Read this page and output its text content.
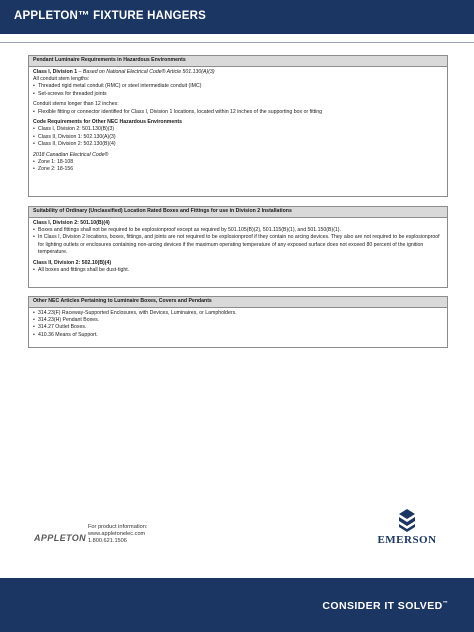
APPLETON™ FIXTURE HANGERS
Pendant Luminaire Requirements in Hazardous Environments
Class I, Division 1 – Based on National Electrical Code® Article 501.130(A)(3)
All conduit stem lengths:
• Threaded rigid metal conduit (RMC) or steel intermediate conduit (IMC)
• Set-screws for threaded joints
Conduit stems longer than 12 inches:
• Flexible fitting or connector identified for Class I, Division 1 locations, located within 12 inches of the supporting box or fitting
Code Requirements for Other NEC Hazardous Environments
• Class I, Division 2: 501.130(B)(3)
• Class II, Division 1: 502.130(A)(3)
• Class II, Division 2: 502.130(B)(4)
2018 Canadian Electrical Code®
• Zone 1: 18-108
• Zone 2: 18-156
Suitability of Ordinary (Unclassified) Location Rated Boxes and Fittings for use in Division 2 Installations
Class I, Division 2: 501.10(B)(4)
• Boxes and fittings shall not be required to be explosionproof except as required by 501.105(B)(2), 501.115(B)(1), and 501.150(B)(1).
• In Class I, Division 2 locations, boxes, fittings, and joints are not required to be explosionproof if they contain no arcing devices. They also are not required to be explosionproof for lighting outlets or enclosures containing non-arcing devices if the maximum operating temperature of any exposed surface does not exceed 80 percent of the ignition temperature.
Class II, Division 2: 502.10(B)(4)
• All boxes and fittings shall be dust-tight.
Other NEC Articles Pertaining to Luminaire Boxes, Covers and Pendants
• 314.23(F) Raceway-Supported Enclosures, with Devices, Luminaires, or Lampholders.
• 314.23(H) Pendant Boxes.
• 314.27 Outlet Boxes.
• 410.36 Means of Support.
APPLETON
For product information:
www.appletonelec.com
1.800.621.1506	EMERSON
CONSIDER IT SOLVED™
